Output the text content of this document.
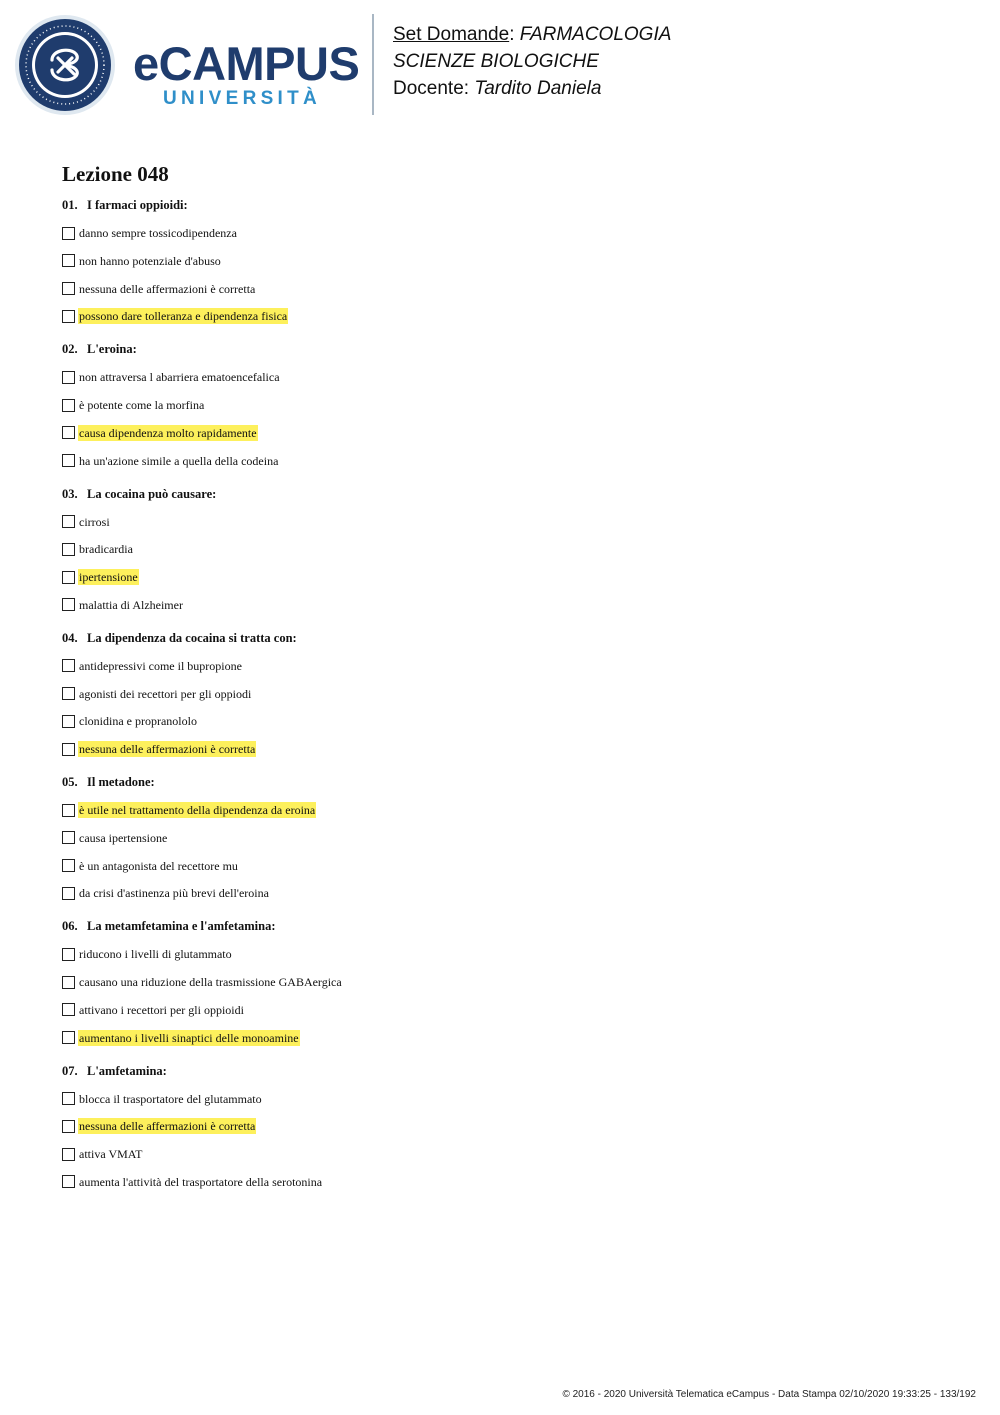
eCAMPUS
UNIVERSITÀ
Set Domande: FARMACOLOGIA
SCIENZE BIOLOGICHE
Docente: Tardito Daniela
Lezione 048
01. I farmaci oppioidi:
danno sempre tossicodipendenza
non hanno potenziale d'abuso
nessuna delle affermazioni è corretta
possono dare tolleranza e dipendenza fisica
02. L'eroina:
non attraversa l abarriera ematoencefalica
è potente come la morfina
causa dipendenza molto rapidamente
ha un'azione simile a quella della codeina
03. La cocaina può causare:
cirrosi
bradicardia
ipertensione
malattia di Alzheimer
04. La dipendenza da cocaina si tratta con:
antidepressivi come il bupropione
agonisti dei recettori per gli oppiodi
clonidina e propranololo
nessuna delle affermazioni è corretta
05. Il metadone:
è utile nel trattamento della dipendenza da eroina
causa ipertensione
è un antagonista del recettore mu
da crisi d'astinenza più brevi dell'eroina
06. La metamfetamina e l'amfetamina:
riducono i livelli di glutammato
causano una riduzione della trasmissione GABAergica
attivano i recettori per gli oppioidi
aumentano i livelli sinaptici delle monoamine
07. L'amfetamina:
blocca il trasportatore del glutammato
nessuna delle affermazioni è corretta
attiva VMAT
aumenta l'attività del trasportatore della serotonina
© 2016 - 2020 Università Telematica eCampus - Data Stampa 02/10/2020 19:33:25 - 133/192
